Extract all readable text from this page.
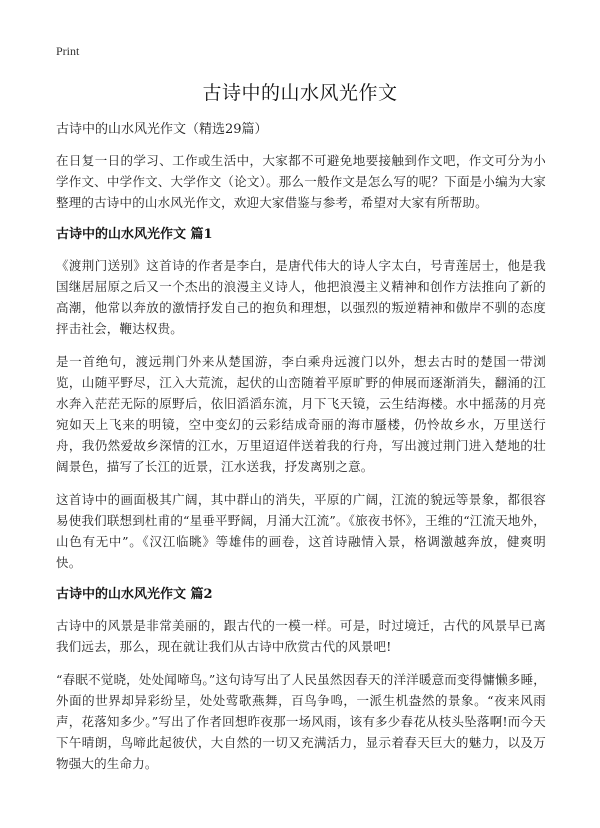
Print
古诗中的山水风光作文
古诗中的山水风光作文（精选29篇）

在日复一日的学习、工作或生活中，大家都不可避免地要接触到作文吧，作文可分为小学作文、中学作文、大学作文（论文）。那么一般作文是怎么写的呢？下面是小编为大家整理的古诗中的山水风光作文，欢迎大家借鉴与参考，希望对大家有所帮助。

古诗中的山水风光作文 篇1

《渡荆门送别》这首诗的作者是李白，是唐代伟大的诗人字太白，号青莲居士，他是我国继居屈原之后又一个杰出的浪漫主义诗人，他把浪漫主义精神和创作方法推向了新的高潮，他常以奔放的激情抒发自己的抱负和理想，以强烈的叛逆精神和傲岸不驯的态度抨击社会，鞭达权贵。

是一首绝句，渡远荆门外来从楚国游，李白乘舟远渡门以外，想去古时的楚国一带浏览，山随平野尽，江入大荒流，起伏的山峦随着平原旷野的伸展而逐渐消失，翻涌的江水奔入茫茫无际的原野后，依旧滔滔东流，月下飞天镜，云生结海楼。水中摇荡的月亮宛如天上飞来的明镜，空中变幻的云彩结成奇丽的海市蜃楼，仍怜故乡水，万里送行舟，我仍然爱故乡深情的江水，万里迢迢伴送着我的行舟，写出渡过荆门进入楚地的壮阔景色，描写了长江的近景，江水送我，抒发离别之意。

这首诗中的画面极其广阔，其中群山的消失，平原的广阔，江流的貌远等景象，都很容易使我们联想到杜甫的“星垂平野阔，月涌大江流”。《旅夜书怀》，王维的“江流天地外，山色有无中”。《汉江临眺》等雄伟的画卷，这首诗融情入景，格调激越奔放，健爽明快。

古诗中的山水风光作文 篇2

古诗中的风景是非常美丽的，跟古代的一模一样。可是，时过境迁，古代的风景早已离我们远去，那么，现在就让我们从古诗中欣赏古代的风景吧!

“春眠不觉晓，处处闻啼鸟。”这句诗写出了人民虽然因春天的洋洋暖意而变得慵懒多睡，外面的世界却异彩纷呈，处处莺歌燕舞，百鸟争鸣，一派生机盎然的景象。“夜来风雨声，花落知多少。”写出了作者回想昨夜那一场风雨，该有多少春花从枝头坠落啊!而今天下午晴朗，鸟啼此起彼伏，大自然的一切又充满活力，显示着春天巨大的魅力，以及万物强大的生命力。
